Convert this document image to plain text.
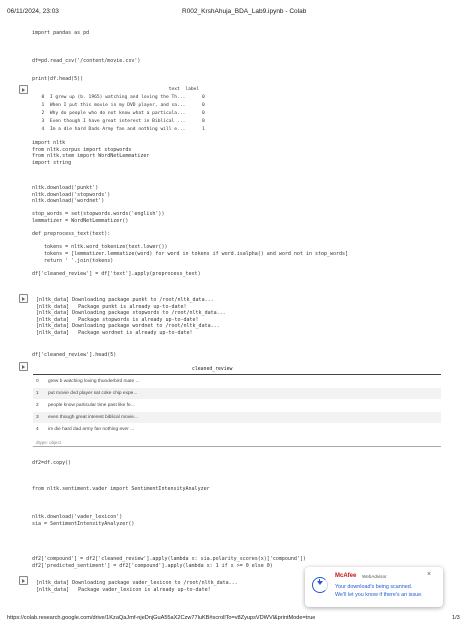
06/11/2024, 23:03	R002_KrshAhuja_BDA_Lab9.ipynb - Colab
import pandas as pd
df=pd.read_csv('/content/movie.csv')
print(df.head(5))
text  label
0  I grew up (b. 1965) watching and loving the Th...      0
1  When I put this movie in my DVD player, and sa...      0
2  Why do people who do not know what a particula...      0
3  Even though I have great interest in Biblical ...      0
4  Im a die hard Dads Army fan and nothing will e...      1
import nltk
from nltk.corpus import stopwords
from nltk.stem import WordNetLemmatizer
import string
nltk.download('punkt')
nltk.download('stopwords')
nltk.download('wordnet')

stop_words = set(stopwords.words('english'))
lemmatizer = WordNetLemmatizer()

def preprocess_text(text):

tokens = nltk.word_tokenize(text.lower())
tokens = [lemmatizer.lemmatize(word) for word in tokens if word.isalpha() and word not in stop_words]
return ' '.join(tokens)

df['cleaned_review'] = df['text'].apply(preprocess_text)
[nltk_data] Downloading package punkt to /root/nltk_data...
[nltk_data]   Package punkt is already up-to-date!
[nltk_data] Downloading package stopwords to /root/nltk_data...
[nltk_data]   Package stopwords is already up-to-date!
[nltk_data] Downloading package wordnet to /root/nltk_data...
[nltk_data]   Package wordnet is already up-to-date!
df['cleaned_review'].head(5)
cleaned_review
0 grew b watching loving thunderbird mate ...
1 put movie dvd player sat coke chip expe...
2 people know particular time past like fe...
3 even though great interest biblical movie...
4 im die hard dad army fan nothing ever ...
dtype: object
df2=df.copy()
from nltk.sentiment.vader import SentimentIntensityAnalyzer
nltk.download('vader_lexicon')
sia = SentimentIntensityAnalyzer()
df2['compound'] = df2['cleaned_review'].apply(lambda x: sia.polarity_scores(x)['compound'])
df2['predicted_sentiment'] = df2['compound'].apply(lambda x: 1 if x >= 0 else 0)
[nltk_data] Downloading package vader_lexicon to /root/nltk_data...
[nltk_data]   Package vader_lexicon is already up-to-date!
McAfee WebAdvisor
Your download's being scanned.
We'll let you know if there's an issue.
×
https://colab.research.google.com/drive/1KzaQaJmf-njeDnjGuA55aX2Czw77luKB#scrollTo=v8ZyupsVDWVl&printMode=true	1/3
